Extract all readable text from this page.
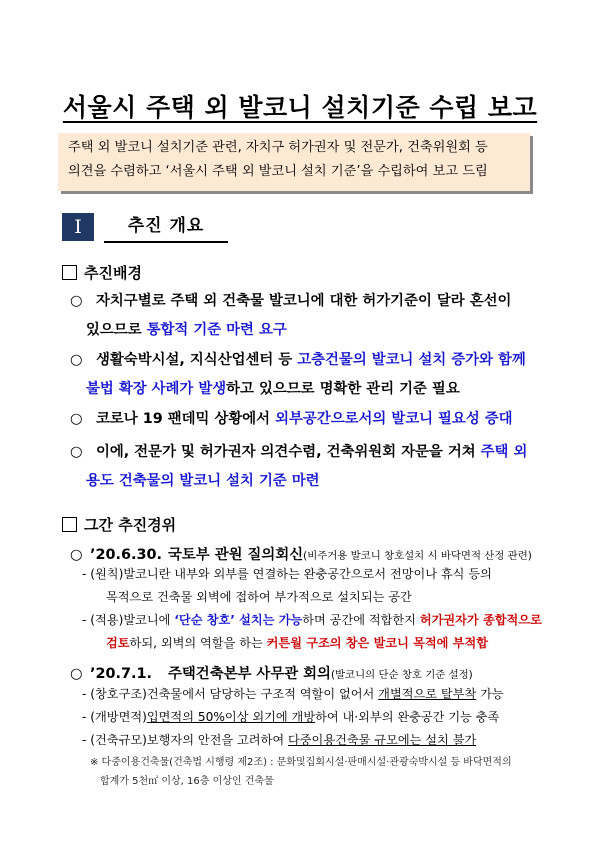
서울시 주택 외 발코니 설치기준 수립 보고
주택 외 발코니 설치기준 관련, 자치구 허가권자 및 전문가, 건축위원회 등
의견을 수렴하고 ‘서울시 주택 외 발코니 설치 기준’을 수립하여 보고 드림
Ⅰ	추진 개요
추진배경
○ 자치구별로 주택 외 건축물 발코니에 대한 허가기준이 달라 혼선이
있으므로 통합적 기준 마련 요구
○ 생활숙박시설, 지식산업센터 등 고층건물의 발코니 설치 증가와 함께
불법 확장 사례가 발생하고 있으므로 명확한 관리 기준 필요
○ 코로나 19 팬데믹 상황에서 외부공간으로서의 발코니 필요성 증대
○ 이에, 전문가 및 허가권자 의견수렴, 건축위원회 자문을 거쳐 주택 외
용도 건축물의 발코니 설치 기준 마련
그간 추진경위
○ ’20.6.30. 국토부 관원 질의회신(비주거용 발코니 창호설치 시 바닥면적 산정 관련)
- (원칙)발코니란 내부와 외부를 연결하는 완충공간으로서 전망이나 휴식 등의
목적으로 건축물 외벽에 접하여 부가적으로 설치되는 공간
- (적용)발코니에 ‘단순 창호’ 설치는 가능하며 공간에 적합한지 허가권자가 종합적으로
검토하되, 외벽의 역할을 하는 커튼월 구조의 창은 발코니 목적에 부적합
○ ’20.7.1. 주택건축본부 사무관 회의(발코니의 단순 창호 기준 설정)
- (창호구조)건축물에서 담당하는 구조적 역할이 없어서 개별적으로 탈부착 가능
- (개방면적)입면적의 50%이상 외기에 개방하여 내·외부의 완충공간 기능 충족
- (건축규모)보행자의 안전을 고려하여 다중이용건축물 규모에는 설치 불가
※ 다중이용건축물(건축법 시행령 제2조) : 문화및집회시설·판매시설·관광숙박시설 등 바닥면적의
합계가 5천㎡ 이상, 16층 이상인 건축물
